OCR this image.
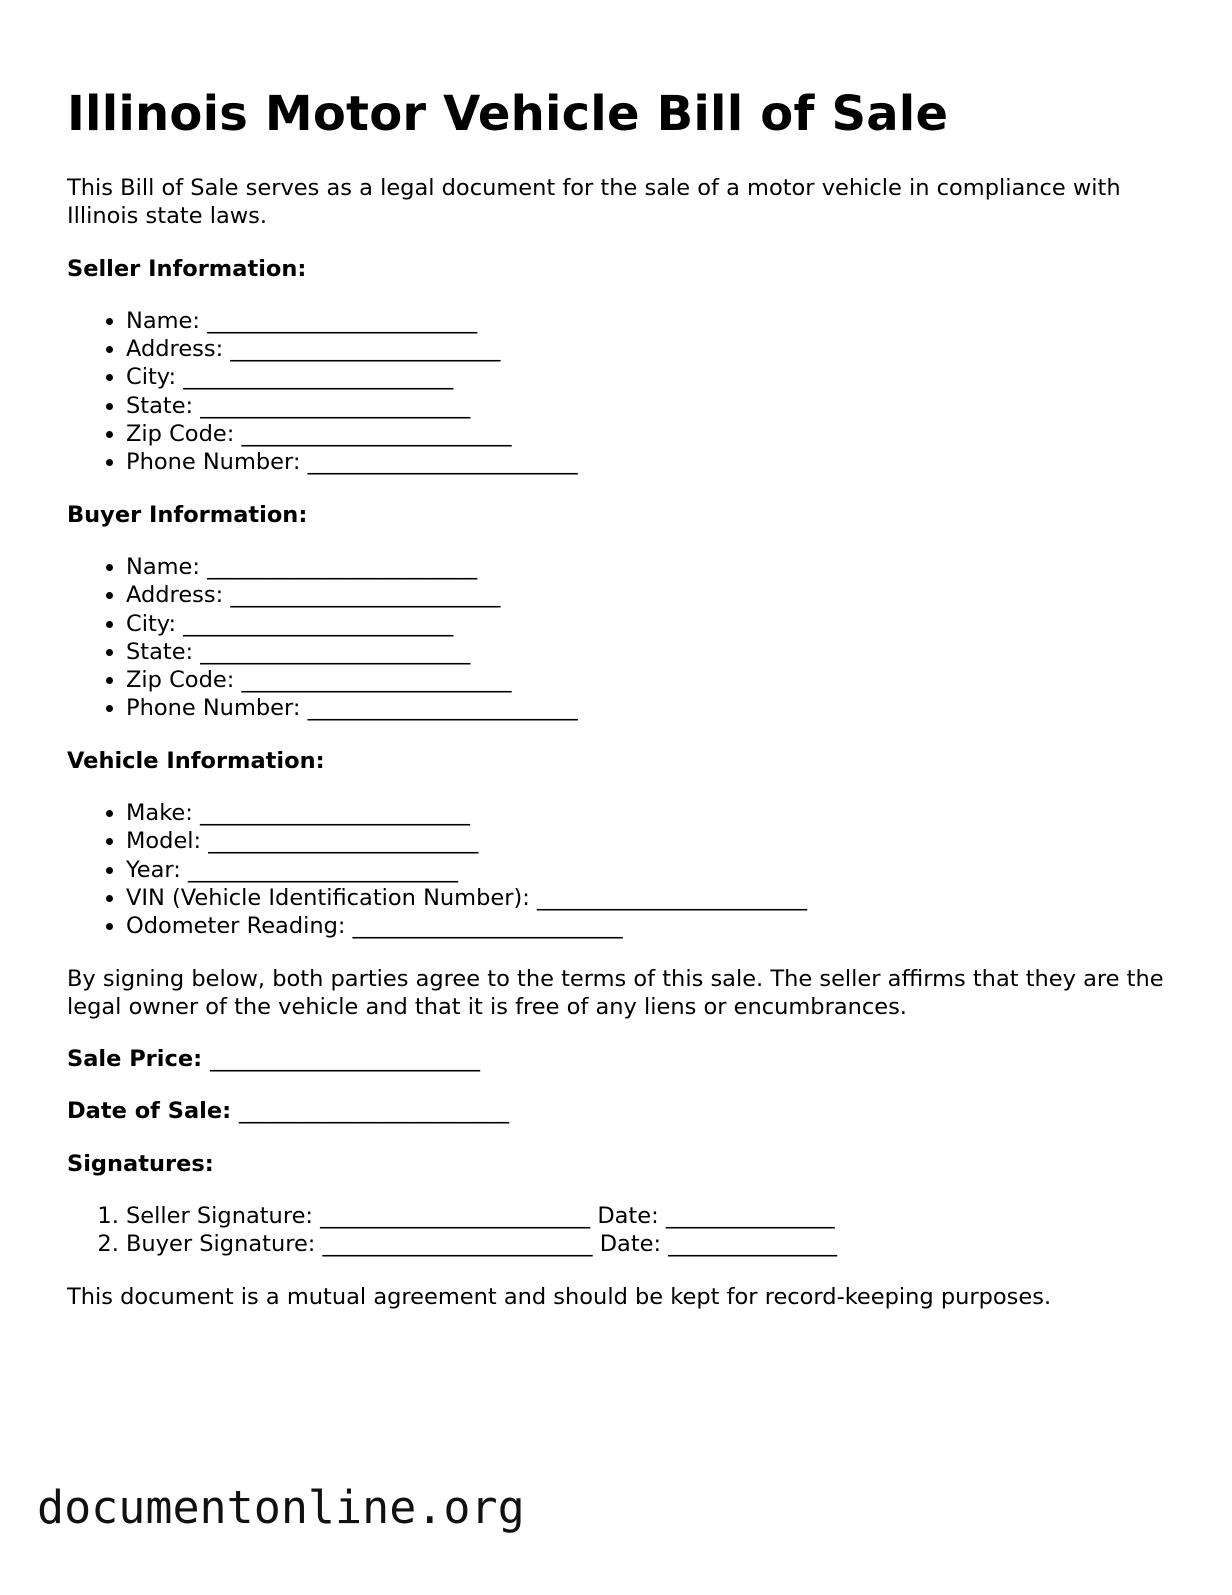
Illinois Motor Vehicle Bill of Sale

This Bill of Sale serves as a legal document for the sale of a motor vehicle in compliance with Illinois state laws.

Seller Information:
• Name: ________________________
• Address: ________________________
• City: ________________________
• State: ________________________
• Zip Code: ________________________
• Phone Number: ________________________
Buyer Information:
• Name: ________________________
• Address: ________________________
• City: ________________________
• State: ________________________
• Zip Code: ________________________
• Phone Number: ________________________
Vehicle Information:
• Make: ________________________
• Model: ________________________
• Year: ________________________
• VIN (Vehicle Identification Number): ________________________
• Odometer Reading: ________________________

By signing below, both parties agree to the terms of this sale. The seller affirms that they are the legal owner of the vehicle and that it is free of any liens or encumbrances.

Sale Price: ________________________
Date of Sale: ________________________
Signatures:
1. Seller Signature: ________________________ Date: _______________
2. Buyer Signature: ________________________ Date: _______________

This document is a mutual agreement and should be kept for record-keeping purposes.

documentonline.org
